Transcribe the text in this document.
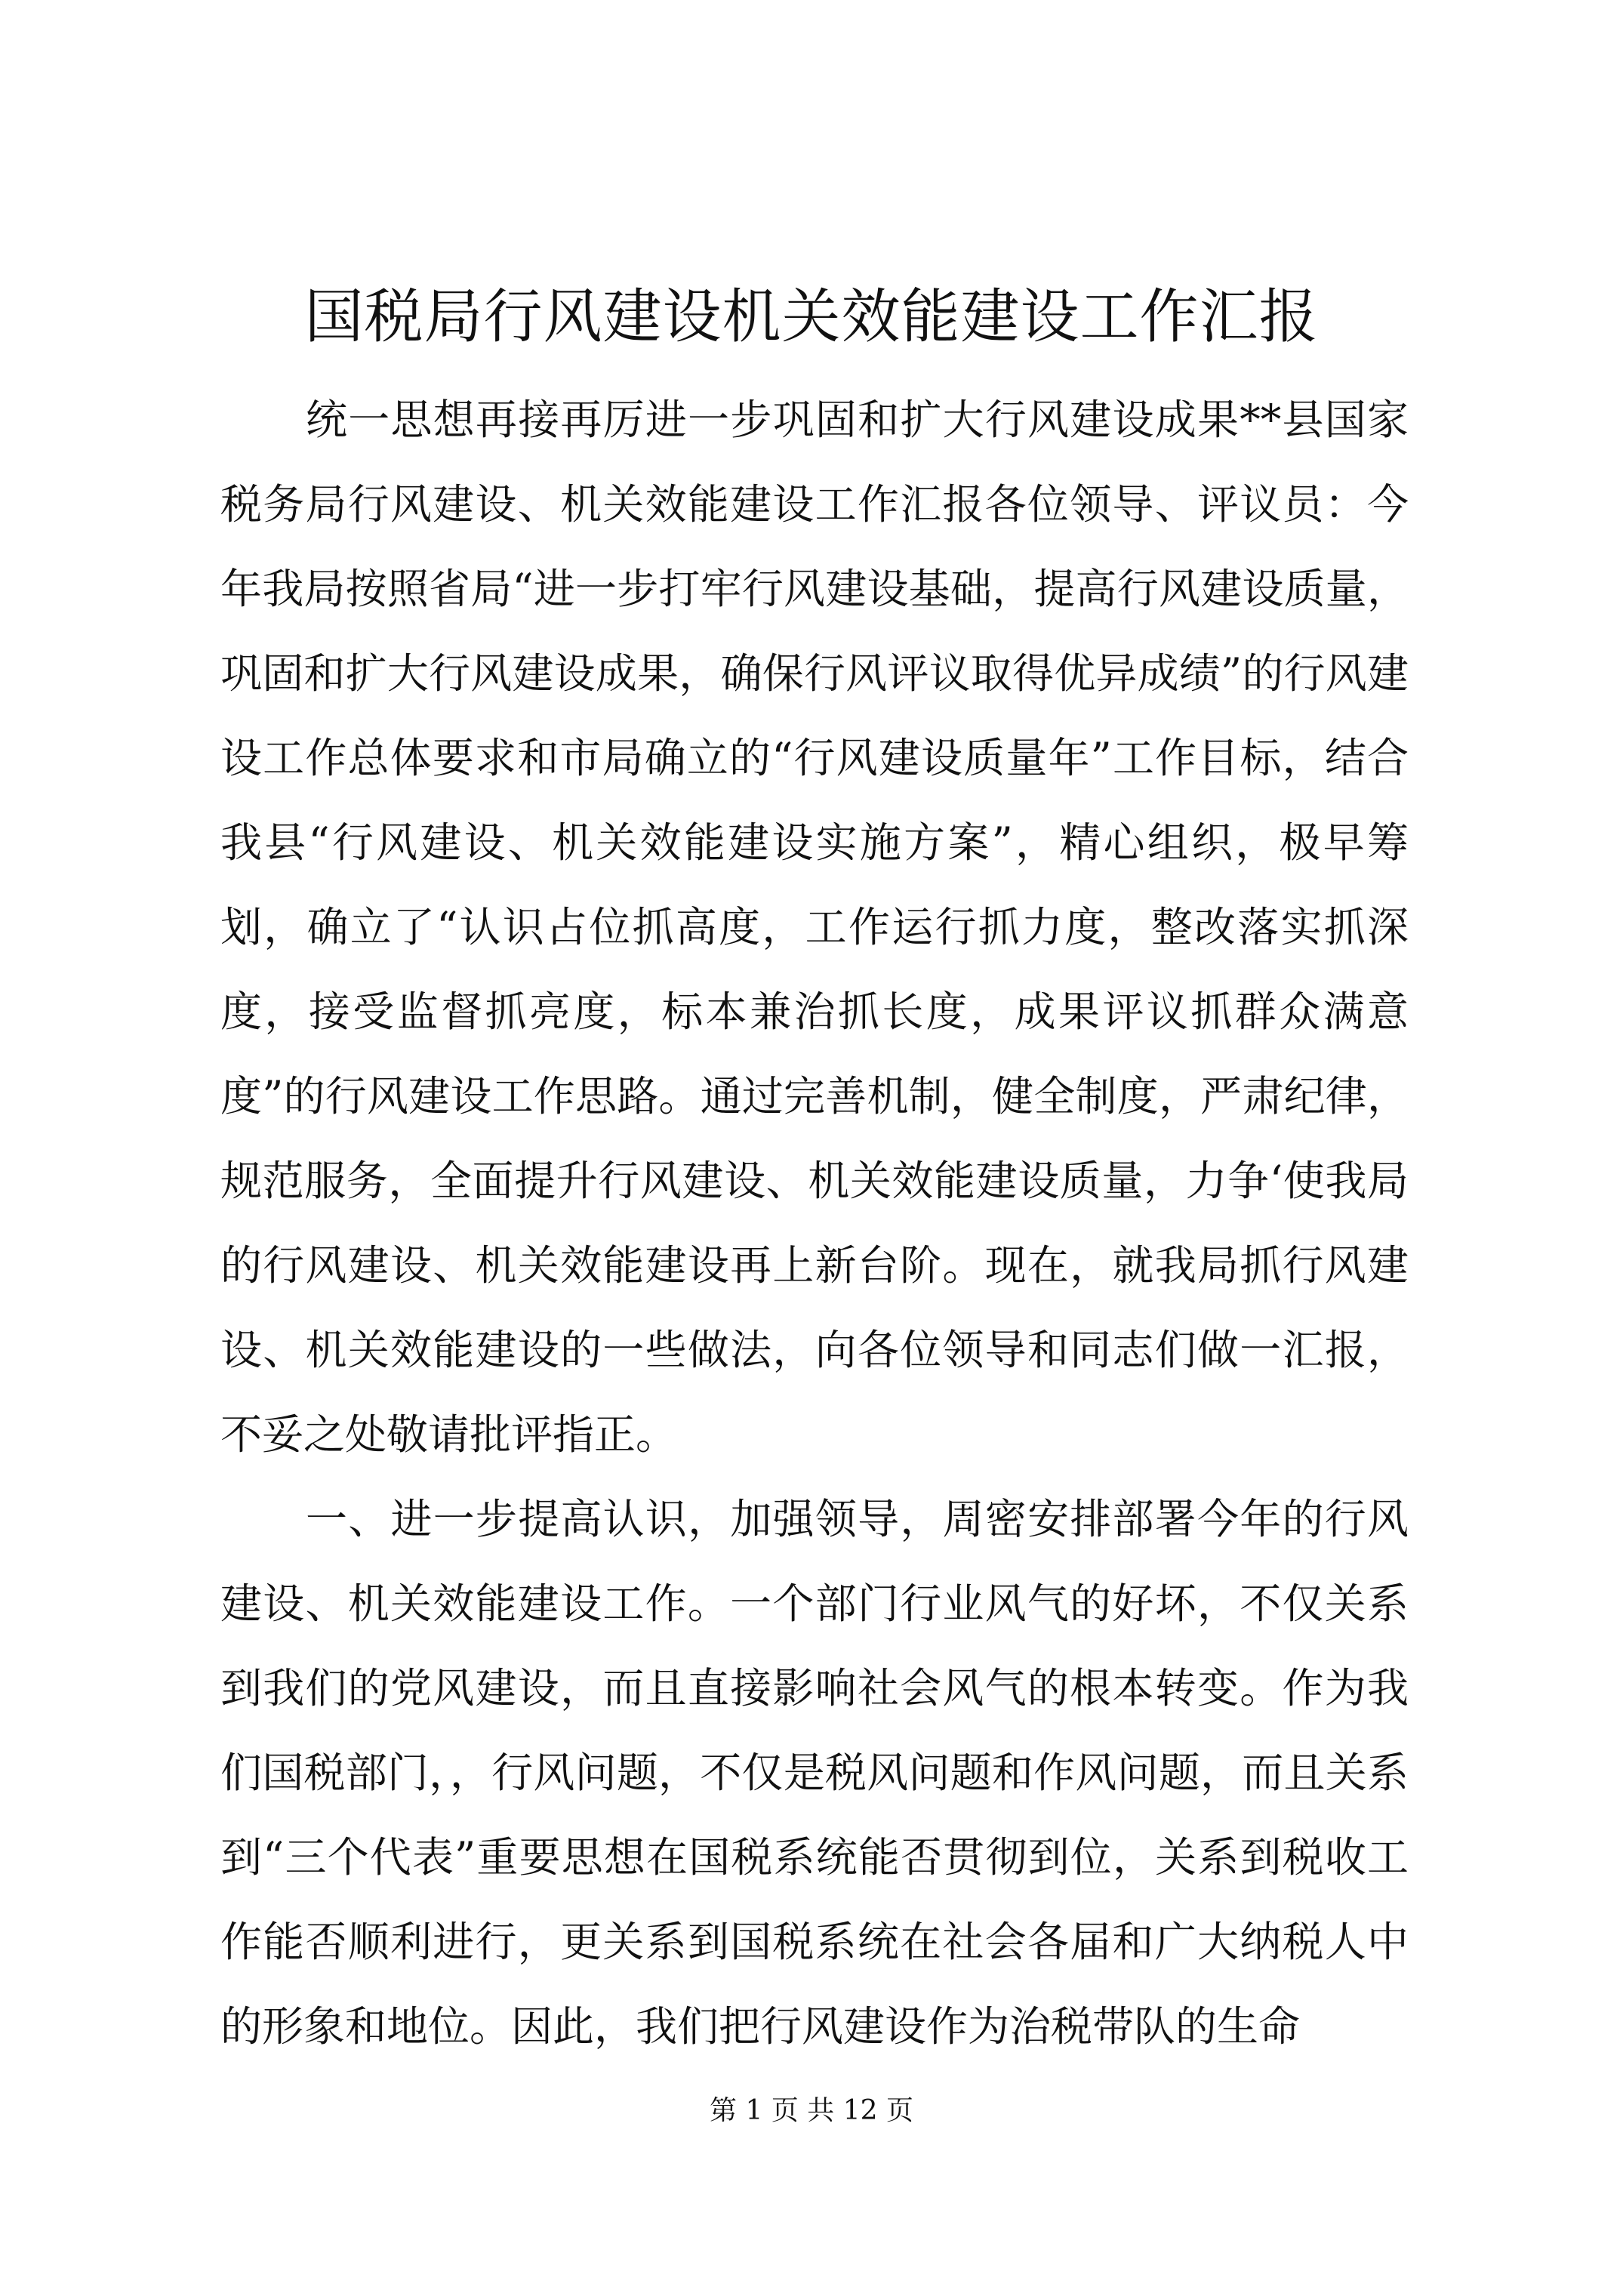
国税局行风建设机关效能建设工作汇报

统一思想再接再厉进一步巩固和扩大行风建设成果**县国家税务局行风建设、机关效能建设工作汇报各位领导、评议员：今年我局按照省局“进一步打牢行风建设基础，提高行风建设质量，巩固和扩大行风建设成果，确保行风评议取得优异成绩”的行风建设工作总体要求和市局确立的“行风建设质量年”工作目标，结合我县“行风建设、机关效能建设实施方案”，精心组织，极早筹划，确立了“认识占位抓高度，工作运行抓力度，整改落实抓深度，接受监督抓亮度，标本兼治抓长度，成果评议抓群众满意度”的行风建设工作思路。通过完善机制，健全制度，严肃纪律，规范服务，全面提升行风建设、机关效能建设质量，力争‘使我局的行风建设、机关效能建设再上新台阶。现在，就我局抓行风建设、机关效能建设的一些做法，向各位领导和同志们做一汇报，不妥之处敬请批评指正。

一、进一步提高认识，加强领导，周密安排部署今年的行风建设、机关效能建设工作。一个部门行业风气的好坏，不仅关系到我们的党风建设，而且直接影响社会风气的根本转变。作为我们国税部门，，行风问题，不仅是税风问题和作风问题，而且关系到“三个代表”重要思想在国税系统能否贯彻到位，关系到税收工作能否顺利进行，更关系到国税系统在社会各届和广大纳税人中的形象和地位。因此，我们把行风建设作为治税带队的生命

第 1 页 共 12 页
